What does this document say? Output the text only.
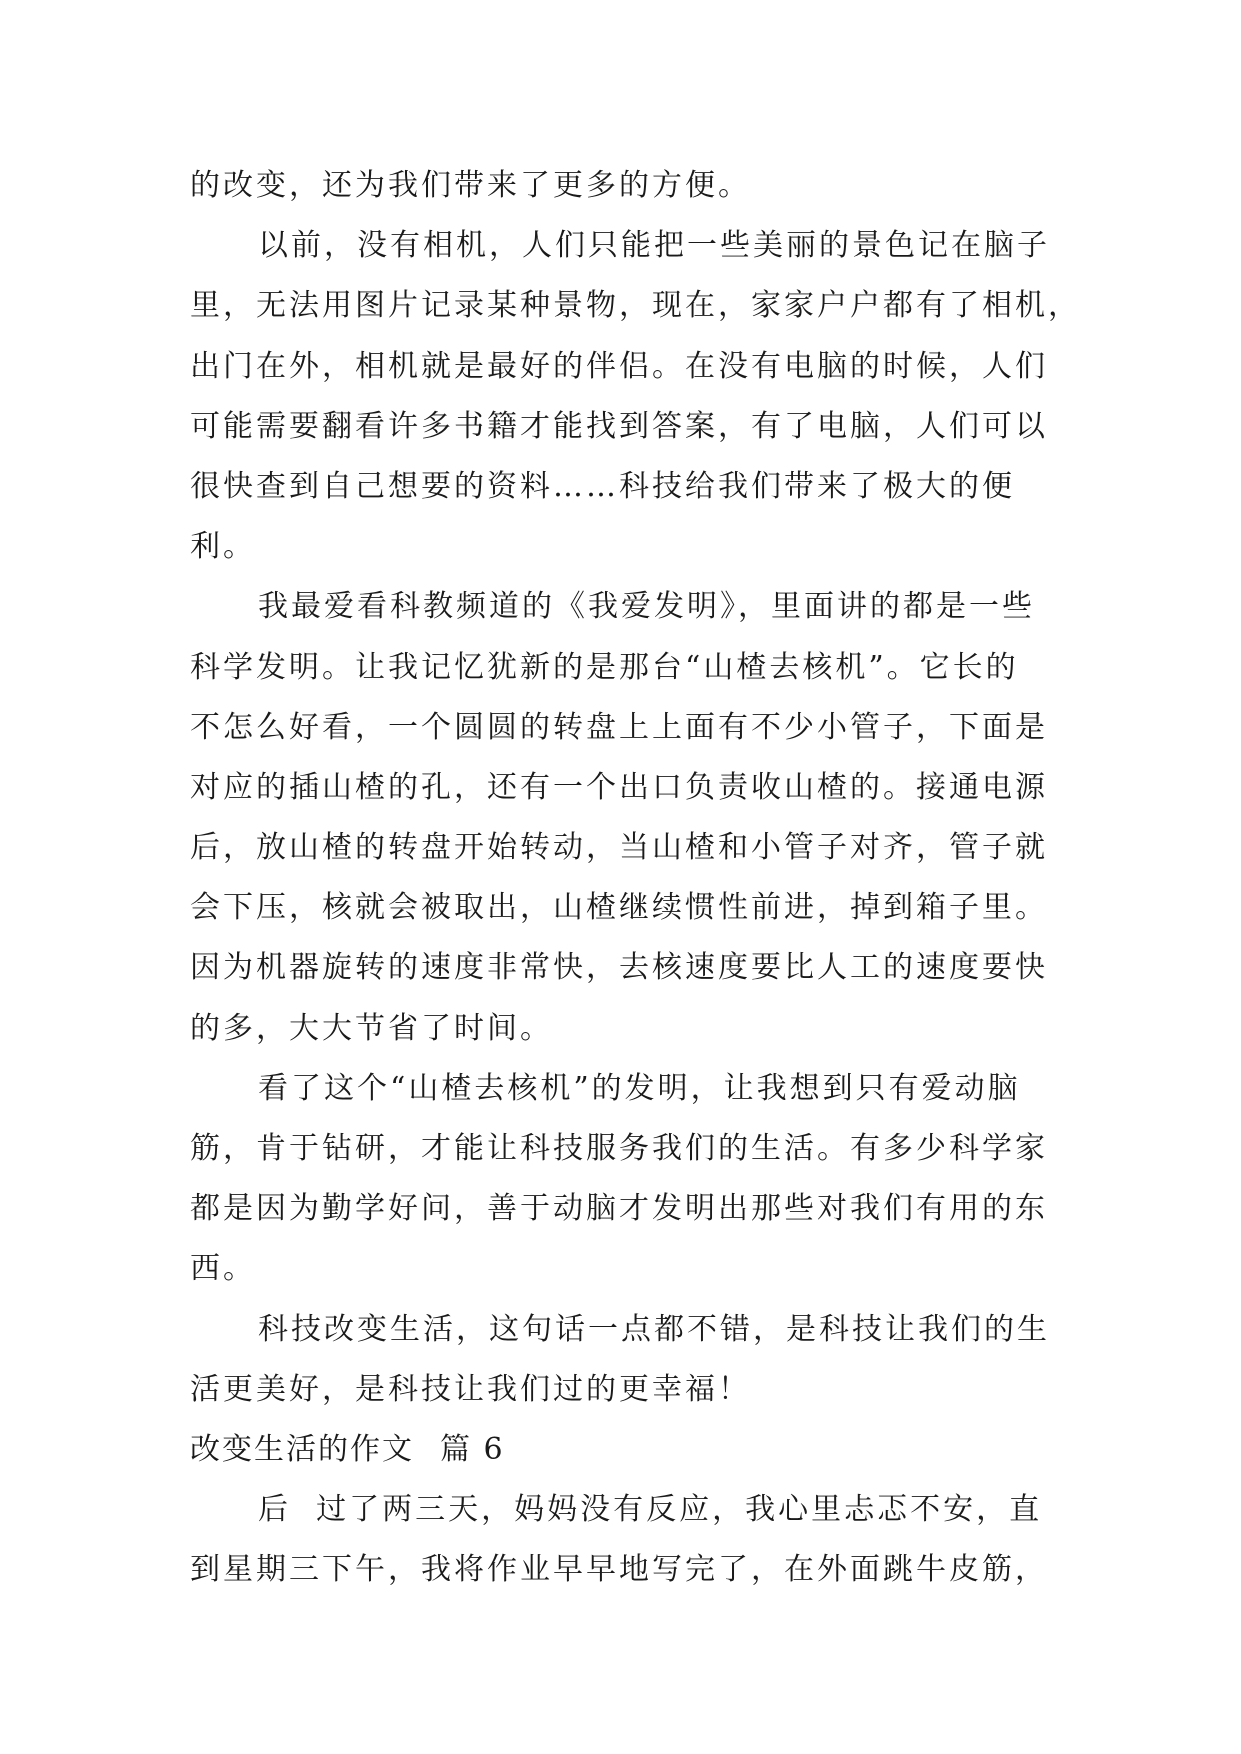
的改变，还为我们带来了更多的方便。
以前，没有相机，人们只能把一些美丽的景色记在脑子
里，无法用图片记录某种景物，现在，家家户户都有了相机，
出门在外，相机就是最好的伴侣。在没有电脑的时候，人们
可能需要翻看许多书籍才能找到答案，有了电脑，人们可以
很快查到自己想要的资料……科技给我们带来了极大的便
利。
我最爱看科教频道的《我爱发明》，里面讲的都是一些
科学发明。让我记忆犹新的是那台“山楂去核机”。它长的
不怎么好看，一个圆圆的转盘上上面有不少小管子，下面是
对应的插山楂的孔，还有一个出口负责收山楂的。接通电源
后，放山楂的转盘开始转动，当山楂和小管子对齐，管子就
会下压，核就会被取出，山楂继续惯性前进，掉到箱子里。
因为机器旋转的速度非常快，去核速度要比人工的速度要快
的多，大大节省了时间。
看了这个“山楂去核机”的发明，让我想到只有爱动脑
筋，肯于钻研，才能让科技服务我们的生活。有多少科学家
都是因为勤学好问，善于动脑才发明出那些对我们有用的东
西。
科技改变生活，这句话一点都不错，是科技让我们的生
活更美好，是科技让我们过的更幸福！
改变生活的作文 篇 6
后  过了两三天，妈妈没有反应，我心里忐忑不安，直
到星期三下午，我将作业早早地写完了，在外面跳牛皮筋，
